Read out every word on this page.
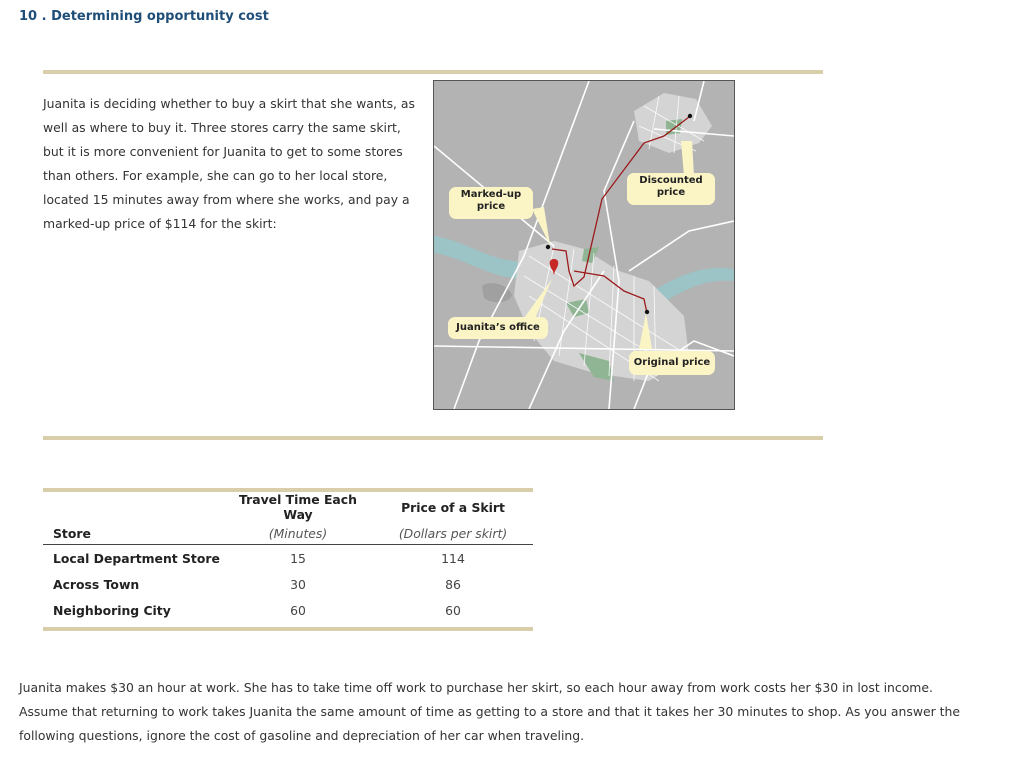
10 . Determining opportunity cost
Juanita is deciding whether to buy a skirt that she wants, as well as where to buy it. Three stores carry the same skirt, but it is more convenient for Juanita to get to some stores than others. For example, she can go to her local store, located 15 minutes away from where she works, and pay a marked-up price of $114 for the skirt:
Discounted
price
Marked-up
price
Juanita’s office
Original price
	Travel Time Each Way	Price of a Skirt
Store	(Minutes)	(Dollars per skirt)
Local Department Store	15	114
Across Town	30	86
Neighboring City	60	60
Juanita makes $30 an hour at work. She has to take time off work to purchase her skirt, so each hour away from work costs her $30 in lost income. Assume that returning to work takes Juanita the same amount of time as getting to a store and that it takes her 30 minutes to shop. As you answer the following questions, ignore the cost of gasoline and depreciation of her car when traveling.
